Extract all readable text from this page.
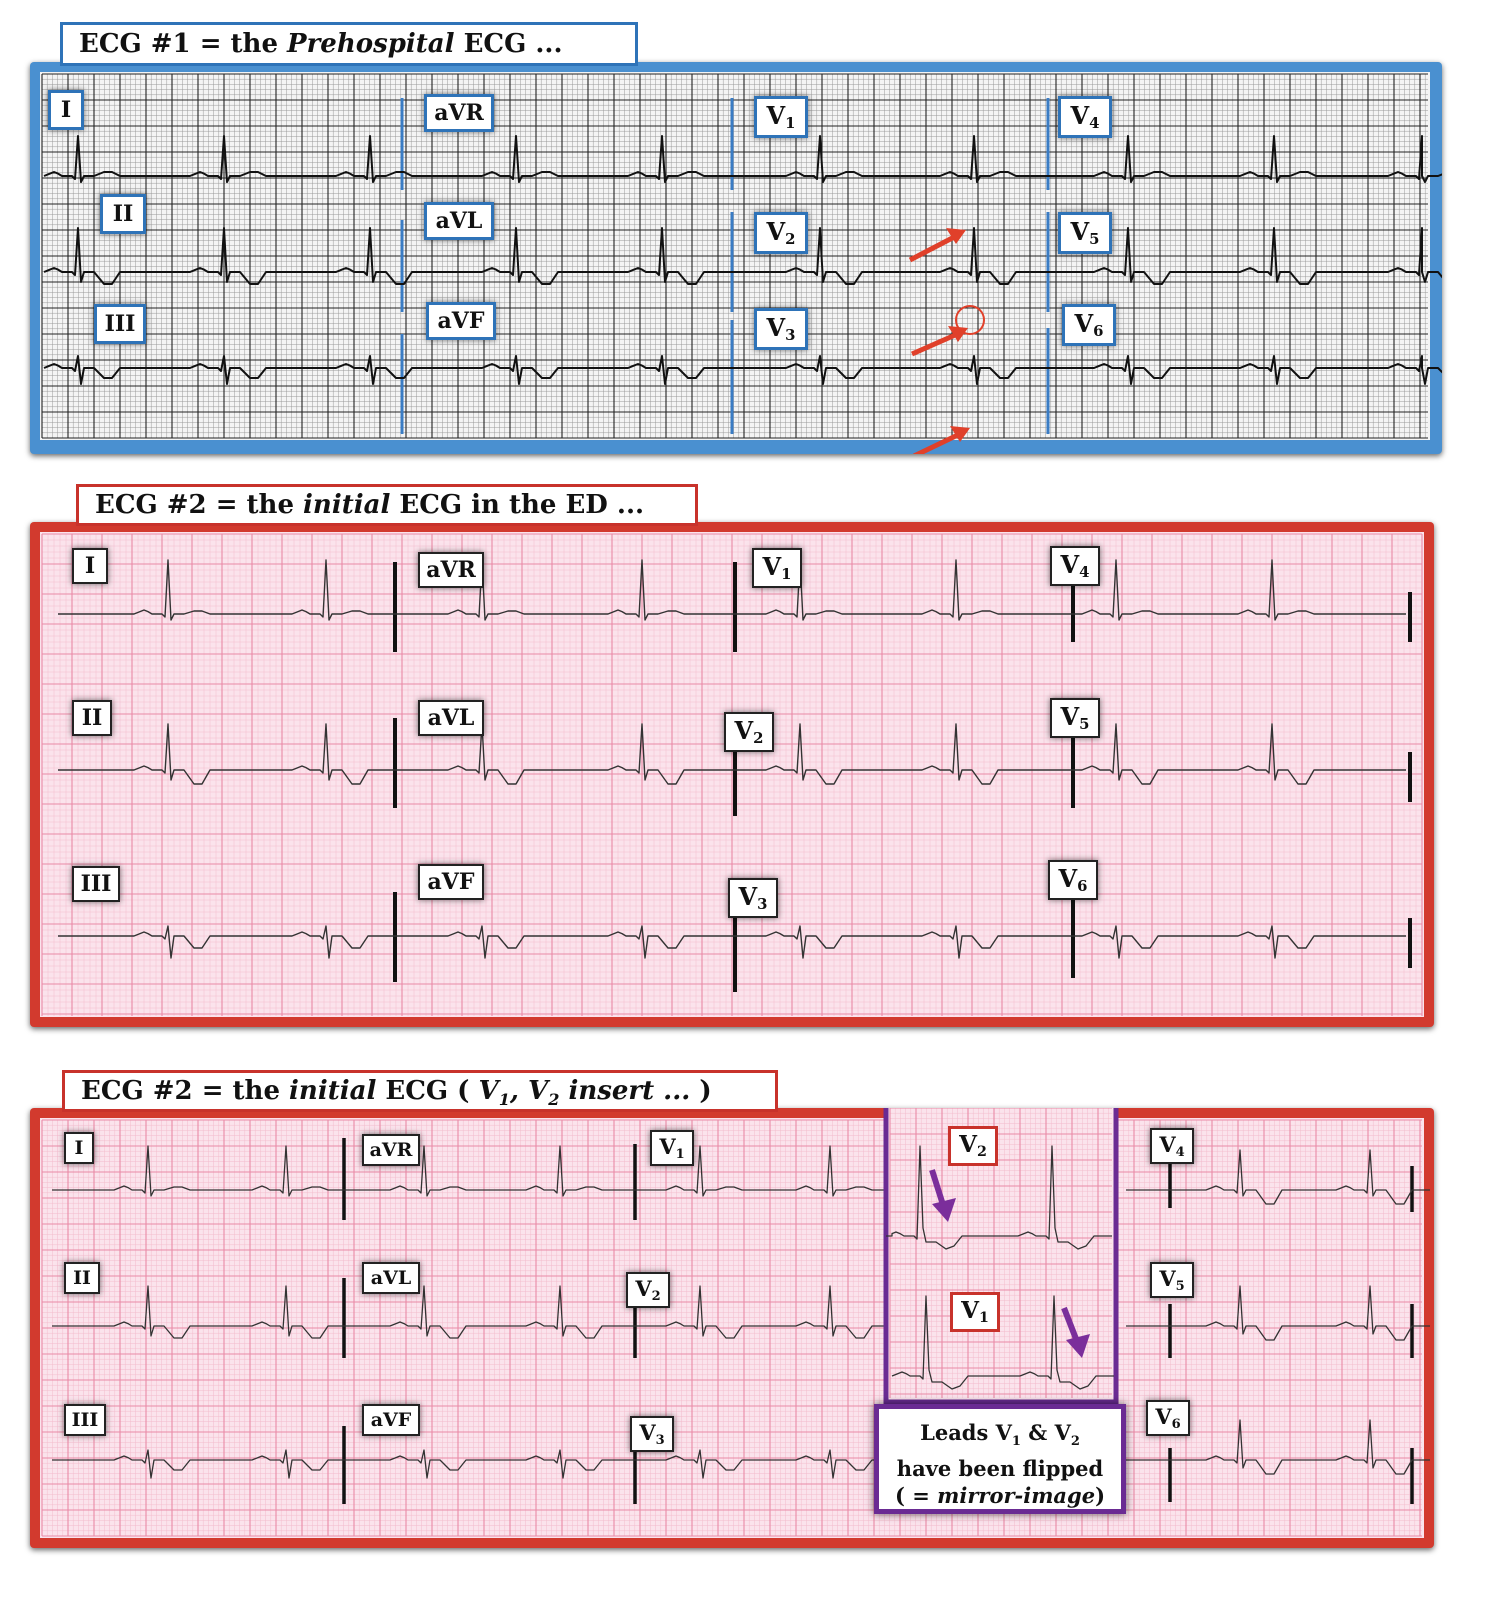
ECG #1 = the Prehospital ECG ...
I
II
III
aVR
aVL
aVF
$V_1$
$V_2$
$V_3$
$V_4$
$V_5$
$V_6$
ECG #2 = the initial ECG in the ED ...
I
II
III
aVR
aVL
aVF
$V_1$
$V_2$
$V_3$
$V_4$
$V_5$
$V_6$
ECG #2 = the initial ECG ( $V_1$, $V_2$ insert ... )
I
II
III
aVR
aVL
aVF
$V_1$
$V_2$
$V_3$
$V_4$
$V_5$
$V_6$
$V_2$
$V_1$
Leads $V_1$ & $V_2$
have been flipped
( = mirror-image)
